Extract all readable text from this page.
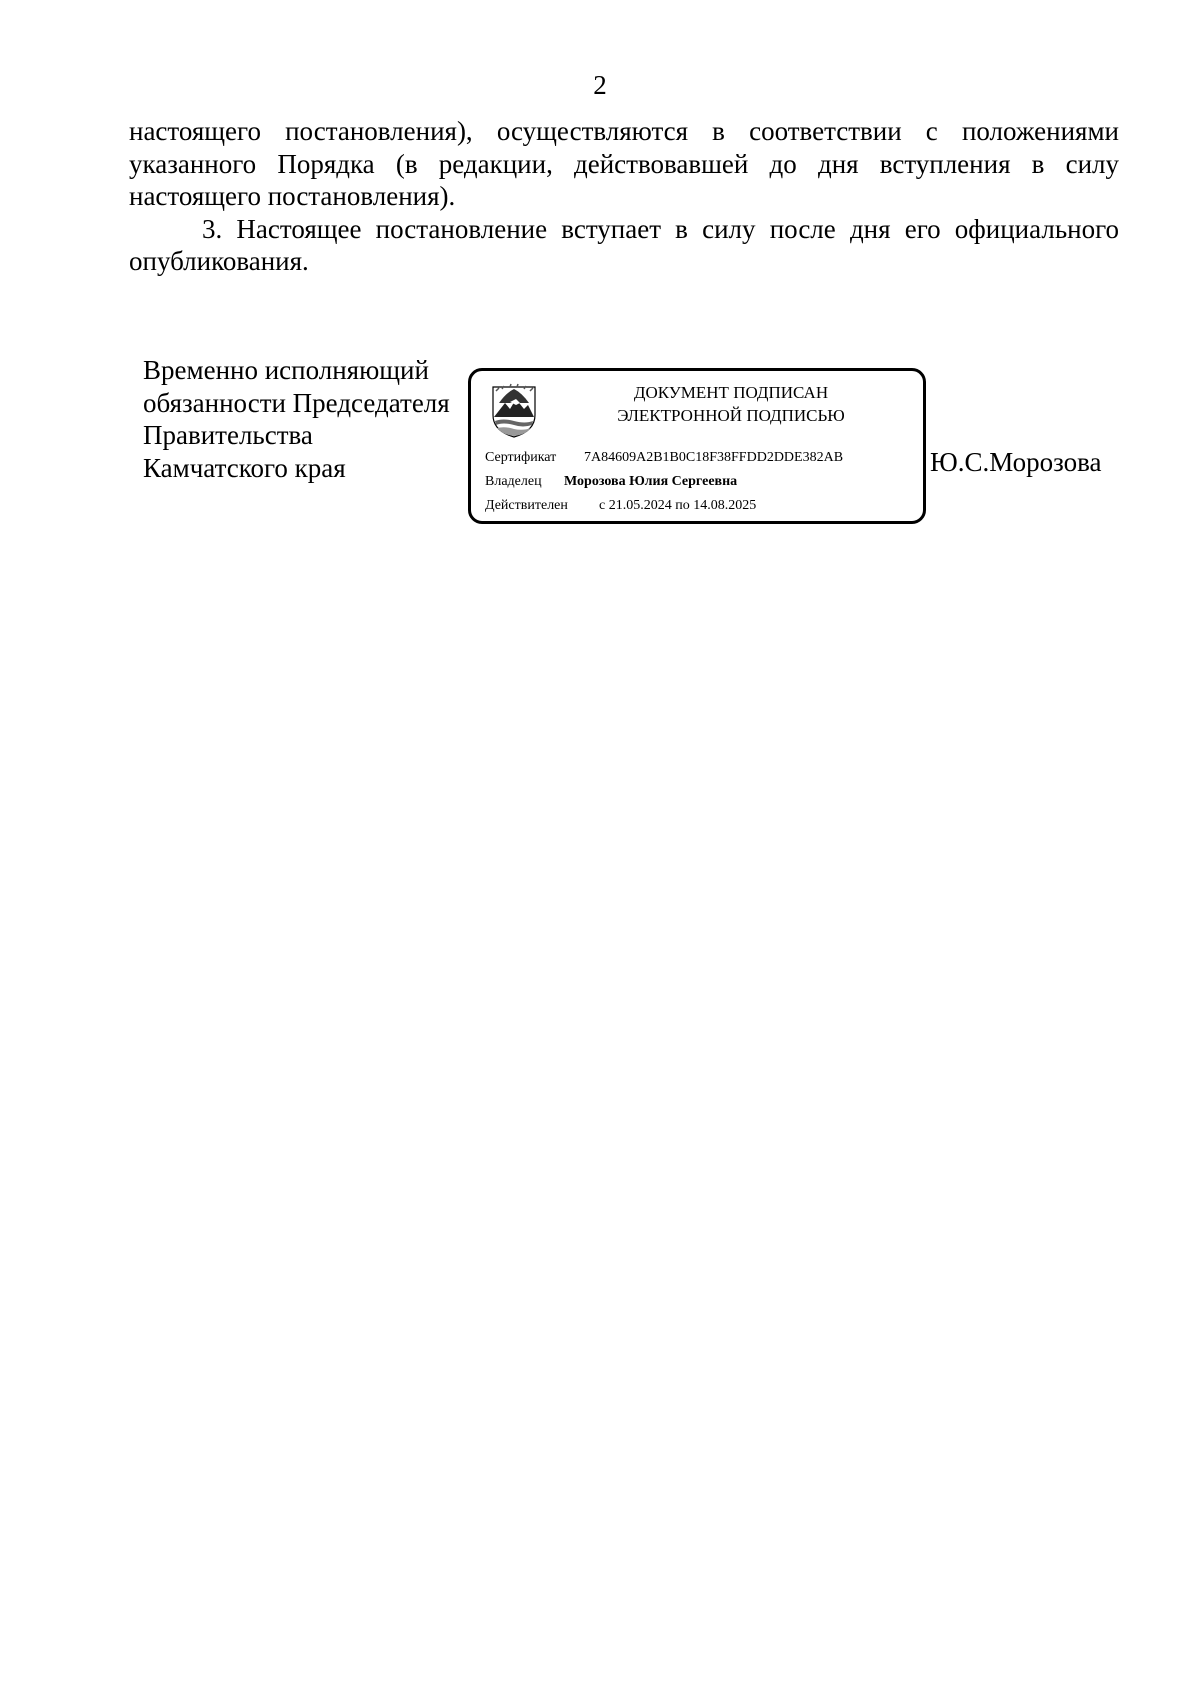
2

настоящего постановления), осуществляются в соответствии с положениями указанного Порядка (в редакции, действовавшей до дня вступления в силу настоящего постановления).

3. Настоящее постановление вступает в силу после дня его официального опубликования.

Временно исполняющий
обязанности Председателя
Правительства
Камчатского края
ДОКУМЕНТ ПОДПИСАН
ЭЛЕКТРОННОЙ ПОДПИСЬЮ
Сертификат 7A84609A2B1B0C18F38FFDD2DDE382AB
Владелец Морозова Юлия Сергеевна
Действителен с 21.05.2024 по 14.08.2025
Ю.С.Морозова
